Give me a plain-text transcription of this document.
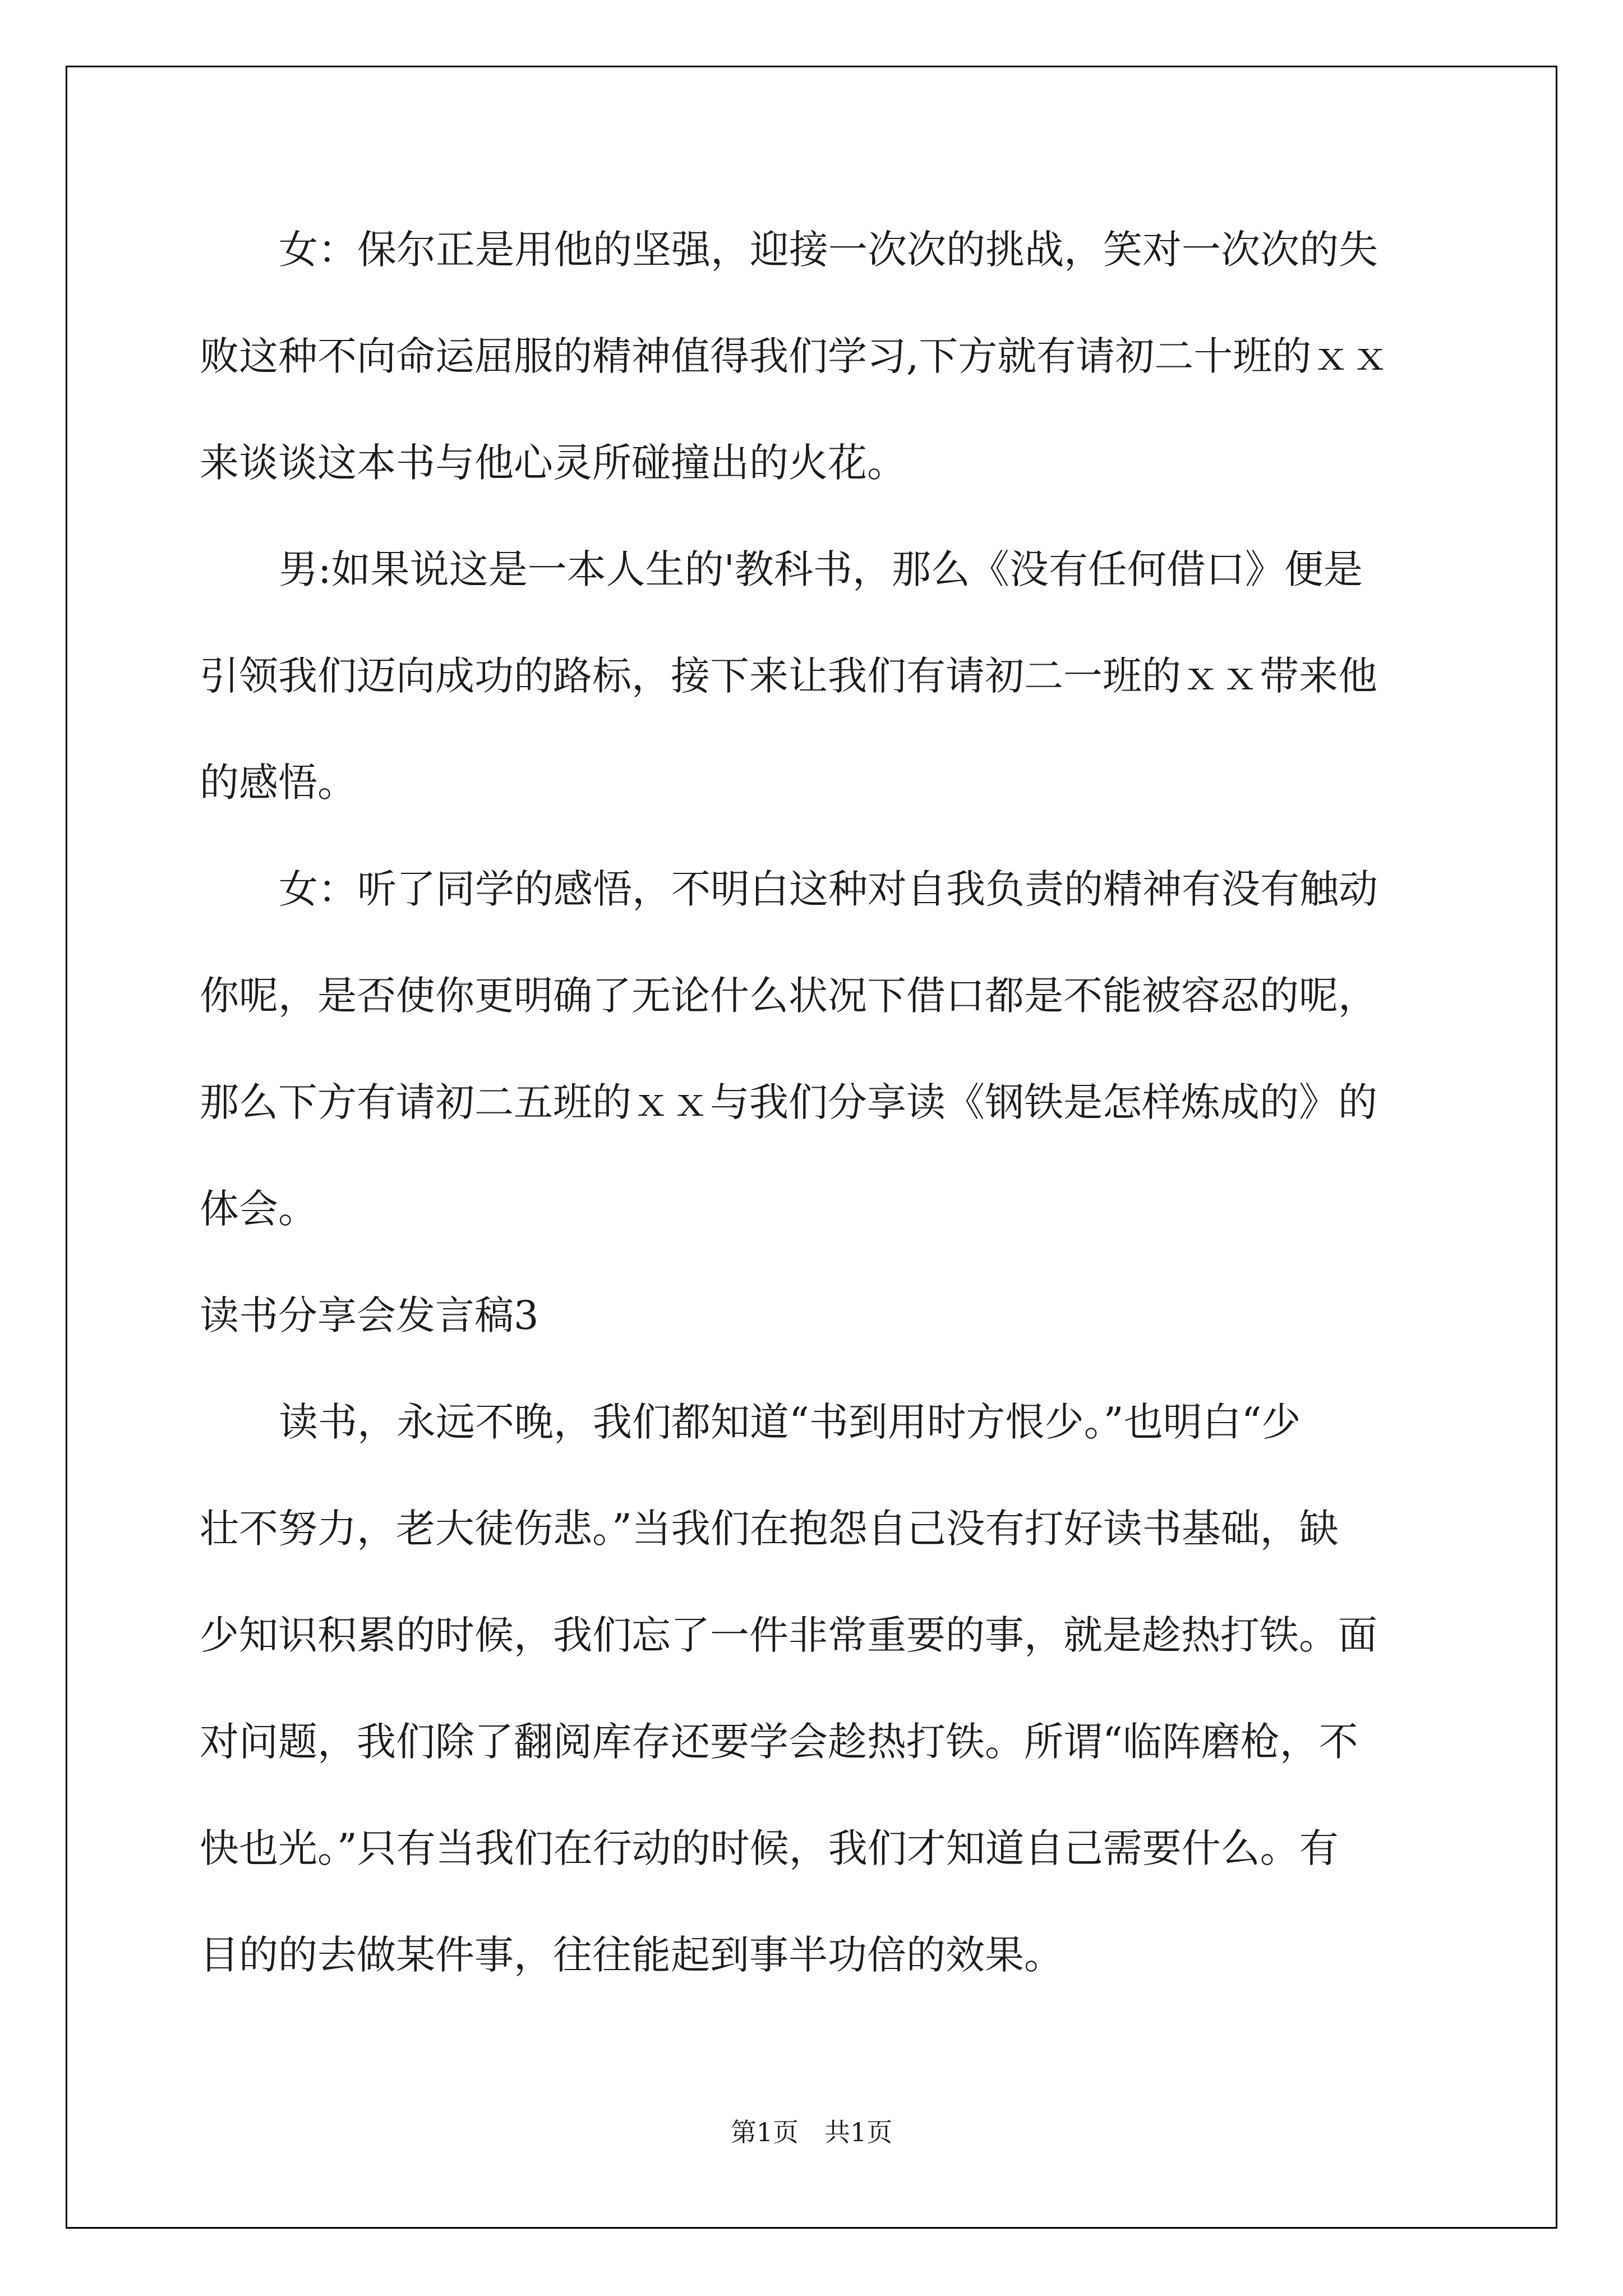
女：保尔正是用他的坚强，迎接一次次的挑战，笑对一次次的失

败这种不向命运屈服的精神值得我们学习,下方就有请初二十班的ｘｘ

来谈谈这本书与他心灵所碰撞出的火花。

男:如果说这是一本人生的'教科书，那么《没有任何借口》便是

引领我们迈向成功的路标，接下来让我们有请初二一班的ｘｘ带来他

的感悟。

女：听了同学的感悟，不明白这种对自我负责的精神有没有触动

你呢，是否使你更明确了无论什么状况下借口都是不能被容忍的呢，

那么下方有请初二五班的ｘｘ与我们分享读《钢铁是怎样炼成的》的

体会。

读书分享会发言稿3

读书，永远不晚，我们都知道“书到用时方恨少。”也明白“少

壮不努力，老大徒伤悲。”当我们在抱怨自己没有打好读书基础，缺

少知识积累的时候，我们忘了一件非常重要的事，就是趁热打铁。面

对问题，我们除了翻阅库存还要学会趁热打铁。所谓“临阵磨枪，不

快也光。”只有当我们在行动的时候，我们才知道自己需要什么。有

目的的去做某件事，往往能起到事半功倍的效果。

第1页　共1页
